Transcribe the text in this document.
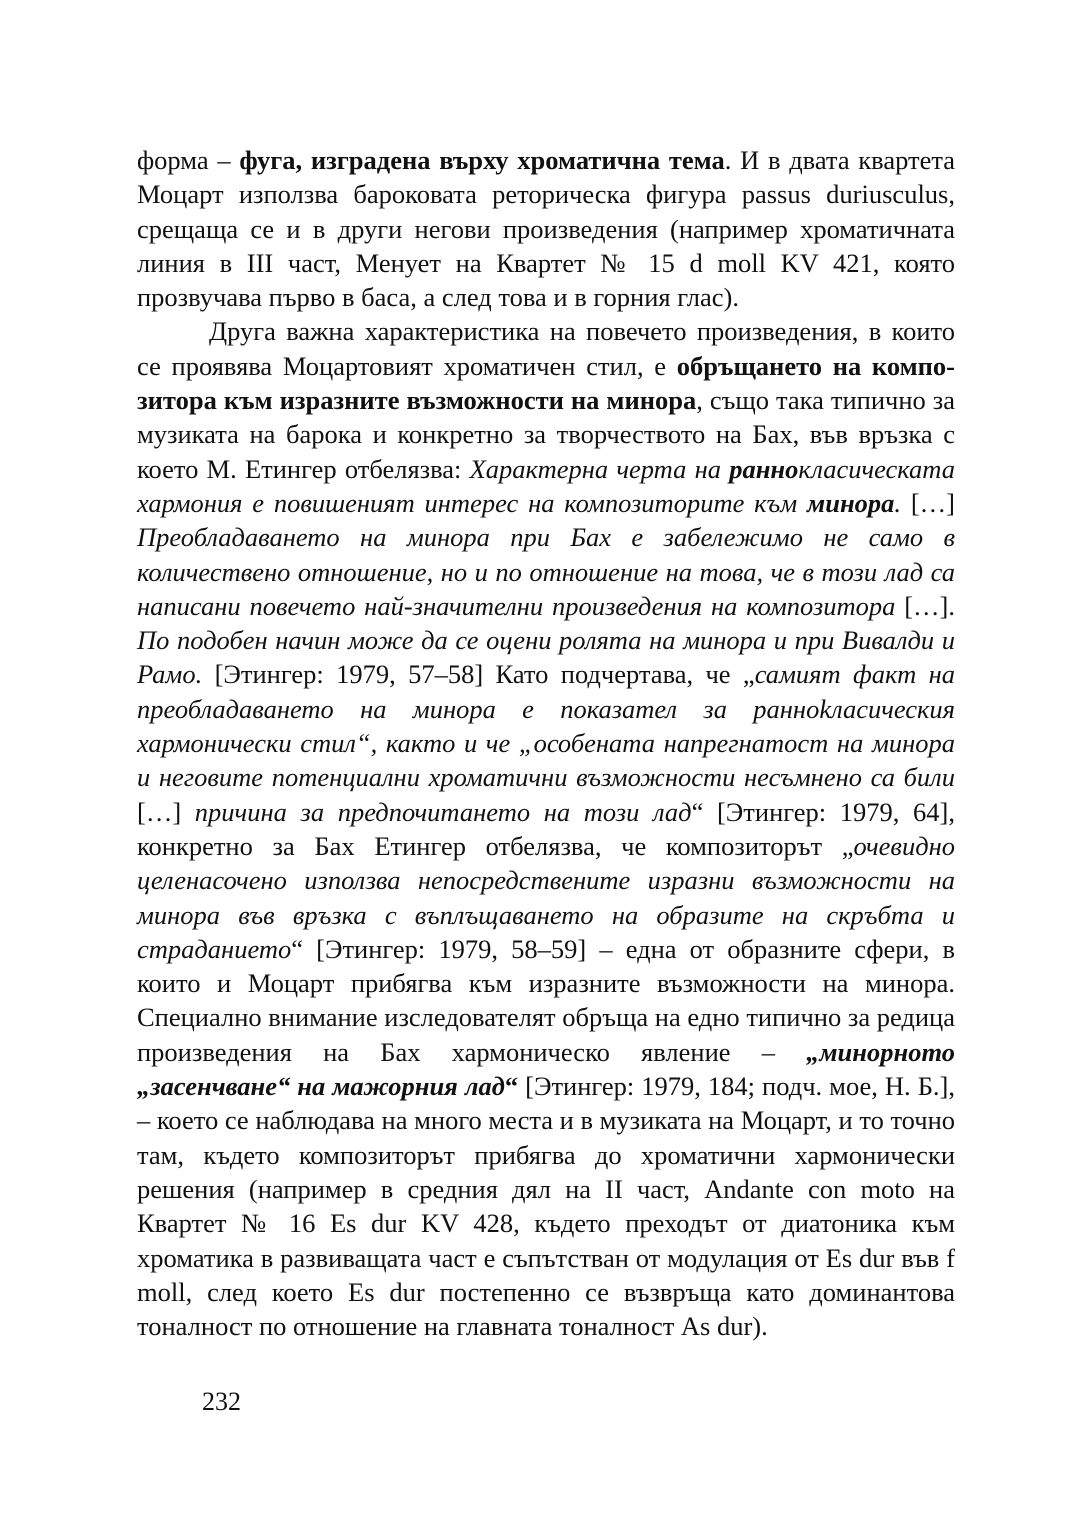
форма – фуга, изградена върху хроматична тема. И в двата квартета Моцарт използва бароковата реторическа фигура passus duriusculus, срещаща се и в други негови произведения (например хроматичната линия в III част, Менует на Квартет № 15 d moll KV 421, която прозвучава първо в баса, а след това и в горния глас).

Друга важна характеристика на повечето произведения, в които се проявява Моцартовият хроматичен стил, е обръщането на композитора към изразните възможности на минора, също така типично за музиката на барока и конкретно за творчеството на Бах, във връзка с което М. Етингер отбелязва: Характерна черта на раннокласическата хармония е повишеният интерес на композиторите към минора. […] Преобладаването на минора при Бах е забележимо не само в количествено отношение, но и по отношение на това, че в този лад са написани повечето най-значителни произведения на композитора […]. По подобен начин може да се оцени ролята на минора и при Вивалди и Рамо. [Этингер: 1979, 57–58] Като подчертава, че „самият факт на преобладаването на минора е показател за ранноkласическия хармонически стил“, както и че „особената напрегнатост на минора и неговите потенциални хроматични възможности несъмнено са били […] причина за предпочитането на този лад“ [Этингер: 1979, 64], конкретно за Бах Етингер отбелязва, че композиторът „очевидно целенасочено използва непосредствените изразни възможности на минора във връзка с въплъщаването на образите на скръбта и страданието“ [Этингер: 1979, 58–59] – една от образните сфери, в които и Моцарт прибягва към изразните възможности на минора. Специално внимание изследователят обръща на едно типично за редица произведения на Бах хармоническо явление – „минорното „засенчване“ на мажорния лад“ [Этингер: 1979, 184; подч. мое, Н. Б.], – което се наблюдава на много места и в музиката на Моцарт, и то точно там, където композиторът прибягва до хроматични хармонически решения (например в средния дял на II част, Andante con moto на Квартет № 16 Es dur KV 428, където преходът от диатоника към хроматика в развиващата част е съпътстван от модулация от Es dur във f moll, след което Es dur постепенно се възвръща като доминантова тоналност по отношение на главната тоналност As dur).

232
